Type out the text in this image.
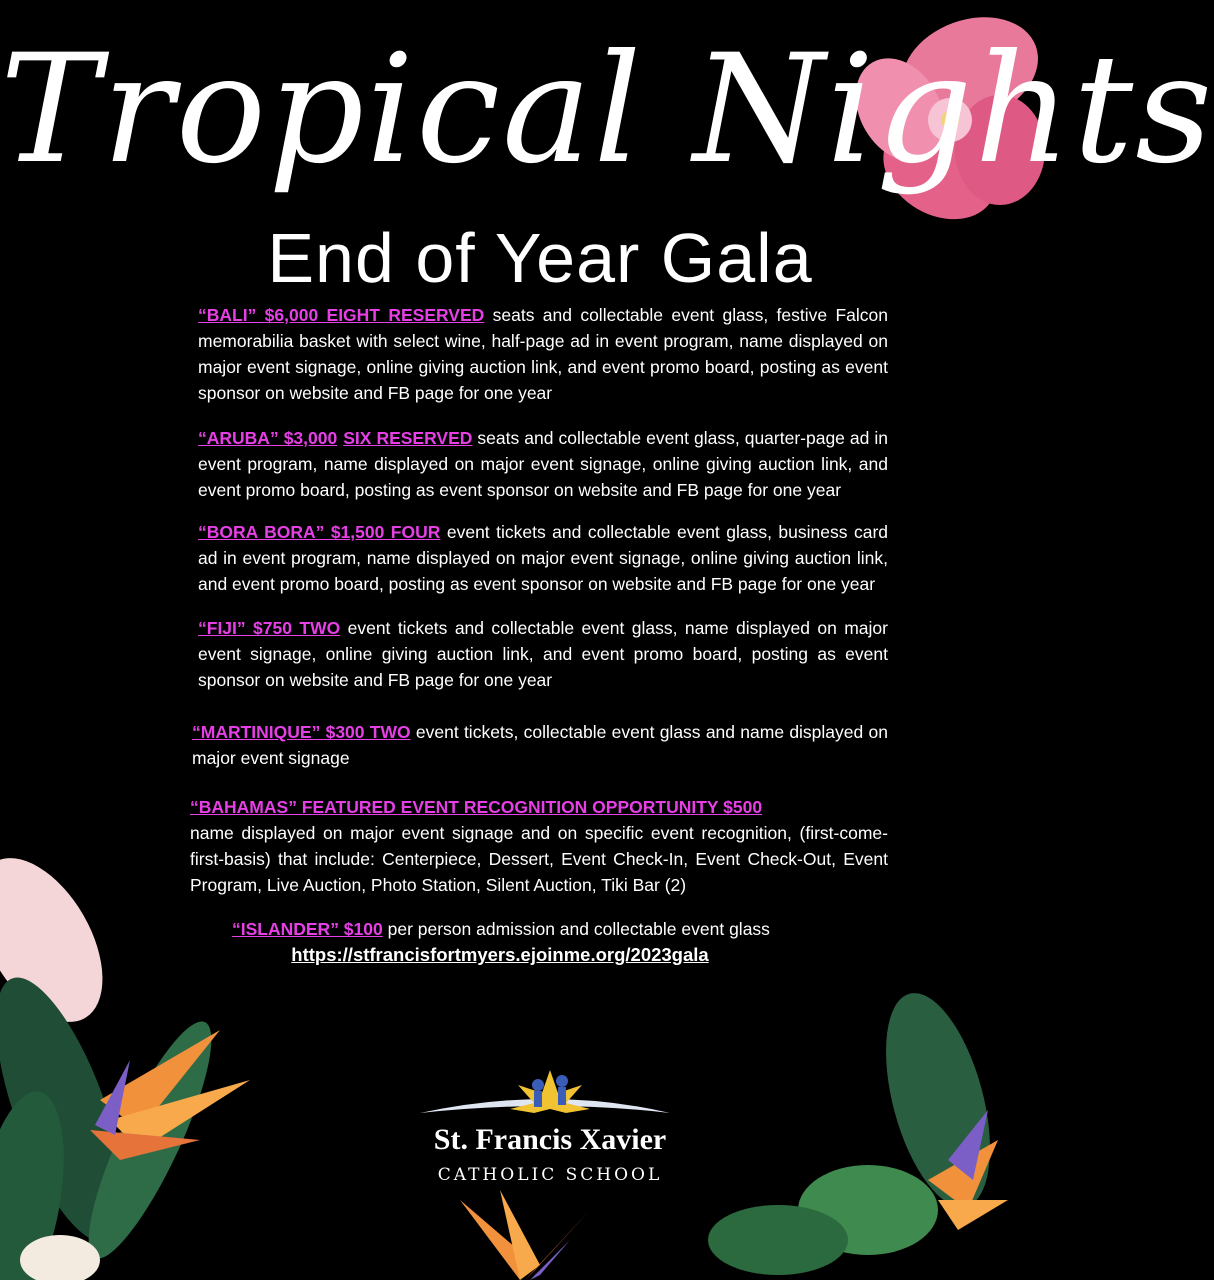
Tropical Nights
End of Year Gala
“BALI” $6,000 EIGHT RESERVED seats and collectable event glass, festive Falcon memorabilia basket with select wine, half-page ad in event program, name displayed on major event signage, online giving auction link, and event promo board, posting as event sponsor on website and FB page for one year
“ARUBA” $3,000 SIX RESERVED seats and collectable event glass, quarter-page ad in event program, name displayed on major event signage, online giving auction link, and event promo board, posting as event sponsor on website and FB page for one year
“BORA BORA” $1,500 FOUR event tickets and collectable event glass, business card ad in event program, name displayed on major event signage, online giving auction link, and event promo board, posting as event sponsor on website and FB page for one year
“FIJI” $750 TWO event tickets and collectable event glass, name displayed on major event signage, online giving auction link, and event promo board, posting as event sponsor on website and FB page for one year
“MARTINIQUE” $300 TWO event tickets, collectable event glass and name displayed on major event signage
“BAHAMAS” FEATURED EVENT RECOGNITION OPPORTUNITY $500
name displayed on major event signage and on specific event recognition, (first-come-first-basis) that include: Centerpiece, Dessert, Event Check-In, Event Check-Out, Event Program, Live Auction, Photo Station, Silent Auction, Tiki Bar (2)
“ISLANDER” $100 per person admission and collectable event glass
https://stfrancisfortmyers.ejoinme.org/2023gala
St. Francis Xavier
CATHOLIC SCHOOL
